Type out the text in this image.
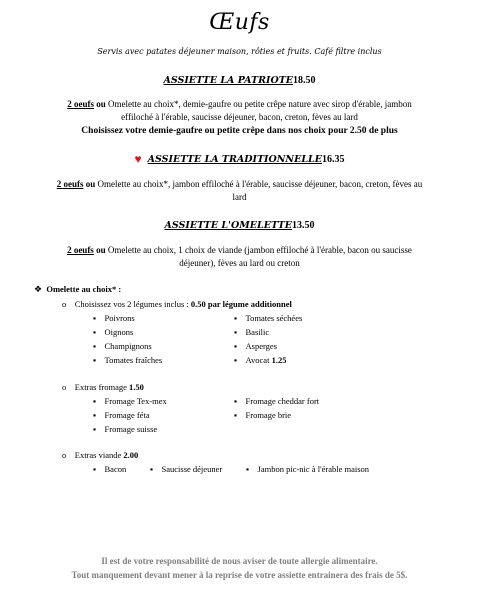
Œufs
Servis avec patates déjeuner maison, rôties et fruits. Café filtre inclus
ASSIETTE LA PATRIOTE18.50
2 oeufs ou Omelette au choix*, demie-gaufre ou petite crêpe nature avec sirop d'érable, jambon
effiloché à l'érable, saucisse déjeuner, bacon, creton, fèves au lard
Choisissez votre demie-gaufre ou petite crêpe dans nos choix pour 2.50 de plus
♥ ASSIETTE LA TRADITIONNELLE16.35
2 oeufs ou Omelette au choix*, jambon effiloché à l'érable, saucisse déjeuner, bacon, creton, fèves au
lard
ASSIETTE L'OMELETTE13.50
2 oeufs ou Omelette au choix, 1 choix de viande (jambon effiloché à l'érable, bacon ou saucisse
déjeuner), fèves au lard ou creton
❖ Omelette au choix* :
o Choisissez vos 2 légumes inclus : 0.50 par légume additionnel
▪    Poivrons
▪    Oignons
▪    Champignons
▪    Tomates fraîches
▪    Tomates séchées
▪    Basilic
▪    Asperges
▪    Avocat 1.25
o Extras fromage 1.50
▪    Fromage Tex-mex
▪    Fromage féta
▪    Fromage suisse
▪    Fromage cheddar fort
▪    Fromage brie
o Extras viande 2.00
▪    Bacon	▪    Saucisse déjeuner	▪    Jambon pic-nic à l'érable maison
Il est de votre responsabilité de nous aviser de toute allergie alimentaire.
Tout manquement devant mener à la reprise de votre assiette entrainera des frais de 5$.
